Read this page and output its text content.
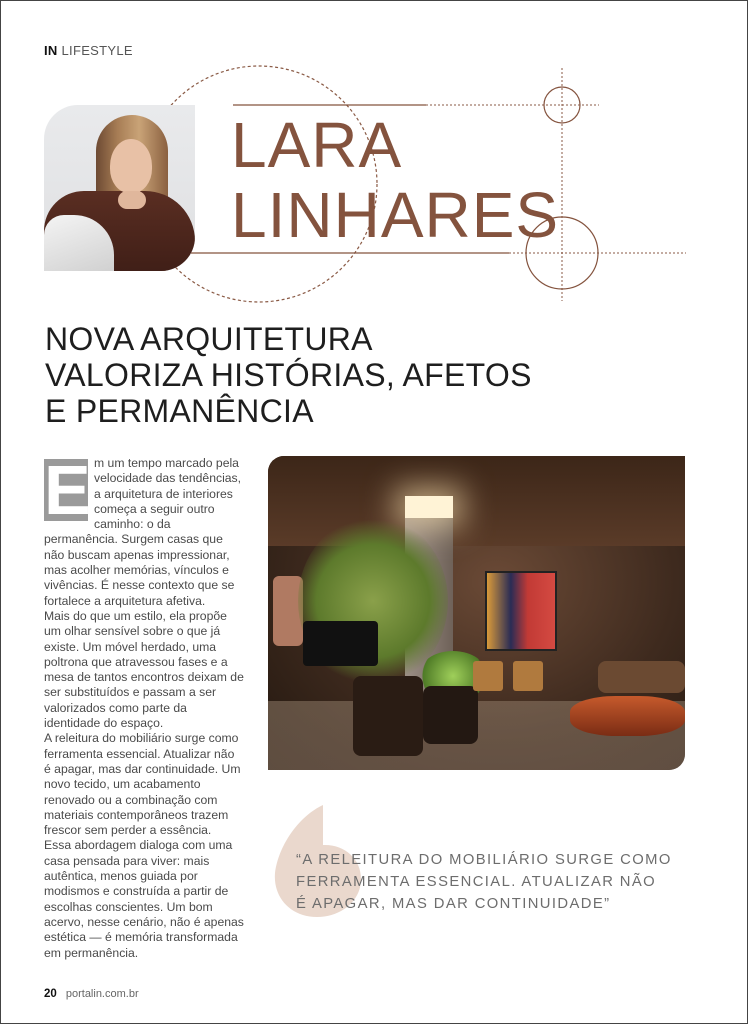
IN LIFESTYLE
LARA
LINHARES
NOVA ARQUITETURA
VALORIZA HISTÓRIAS, AFETOS
E PERMANÊNCIA
E m um tempo marcado pela velocidade das tendências, a arquitetura de interiores começa a seguir outro caminho: o da permanência. Surgem casas que não buscam apenas impressionar, mas acolher memórias, vínculos e vivências. É nesse contexto que se fortalece a arquitetura afetiva.

Mais do que um estilo, ela propõe um olhar sensível sobre o que já existe. Um móvel herdado, uma poltrona que atravessou fases e a mesa de tantos encontros deixam de ser substituídos e passam a ser valorizados como parte da identidade do espaço.

A releitura do mobiliário surge como ferramenta essencial. Atualizar não é apagar, mas dar continuidade. Um novo tecido, um acabamento renovado ou a combinação com materiais contemporâneos trazem frescor sem perder a essência.

Essa abordagem dialoga com uma casa pensada para viver: mais autêntica, menos guiada por modismos e construída a partir de escolhas conscientes. Um bom acervo, nesse cenário, não é apenas estética — é memória transformada em permanência.

“A RELEITURA DO MOBILIÁRIO SURGE COMO
FERRAMENTA ESSENCIAL. ATUALIZAR NÃO
É APAGAR, MAS DAR CONTINUIDADE”
20 portalin.com.br
